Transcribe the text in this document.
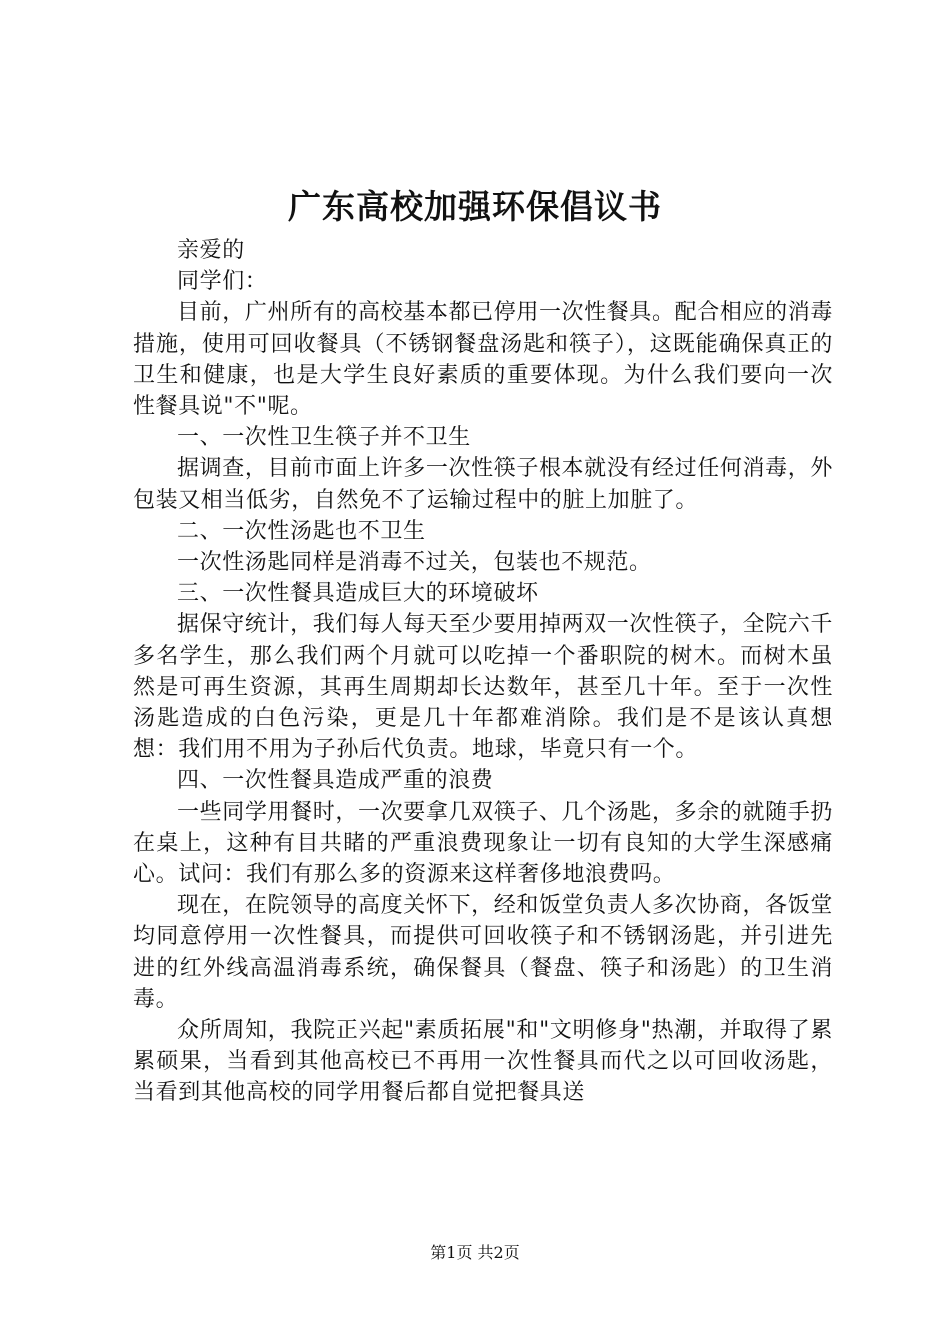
广东高校加强环保倡议书

亲爱的

同学们：

目前，广州所有的高校基本都已停用一次性餐具。配合相应的消毒措施，使用可回收餐具（不锈钢餐盘汤匙和筷子），这既能确保真正的卫生和健康，也是大学生良好素质的重要体现。为什么我们要向一次性餐具说"不"呢。

一、一次性卫生筷子并不卫生

据调查，目前市面上许多一次性筷子根本就没有经过任何消毒，外包装又相当低劣，自然免不了运输过程中的脏上加脏了。

二、一次性汤匙也不卫生

一次性汤匙同样是消毒不过关，包装也不规范。

三、一次性餐具造成巨大的环境破坏

据保守统计，我们每人每天至少要用掉两双一次性筷子，全院六千多名学生，那么我们两个月就可以吃掉一个番职院的树木。而树木虽然是可再生资源，其再生周期却长达数年，甚至几十年。至于一次性汤匙造成的白色污染，更是几十年都难消除。我们是不是该认真想想：我们用不用为子孙后代负责。地球，毕竟只有一个。

四、一次性餐具造成严重的浪费

一些同学用餐时，一次要拿几双筷子、几个汤匙，多余的就随手扔在桌上，这种有目共睹的严重浪费现象让一切有良知的大学生深感痛心。试问：我们有那么多的资源来这样奢侈地浪费吗。

现在，在院领导的高度关怀下，经和饭堂负责人多次协商，各饭堂均同意停用一次性餐具，而提供可回收筷子和不锈钢汤匙，并引进先进的红外线高温消毒系统，确保餐具（餐盘、筷子和汤匙）的卫生消毒。

众所周知，我院正兴起"素质拓展"和"文明修身"热潮，并取得了累累硕果，当看到其他高校已不再用一次性餐具而代之以可回收汤匙，当看到其他高校的同学用餐后都自觉把餐具送

第1页 共2页
